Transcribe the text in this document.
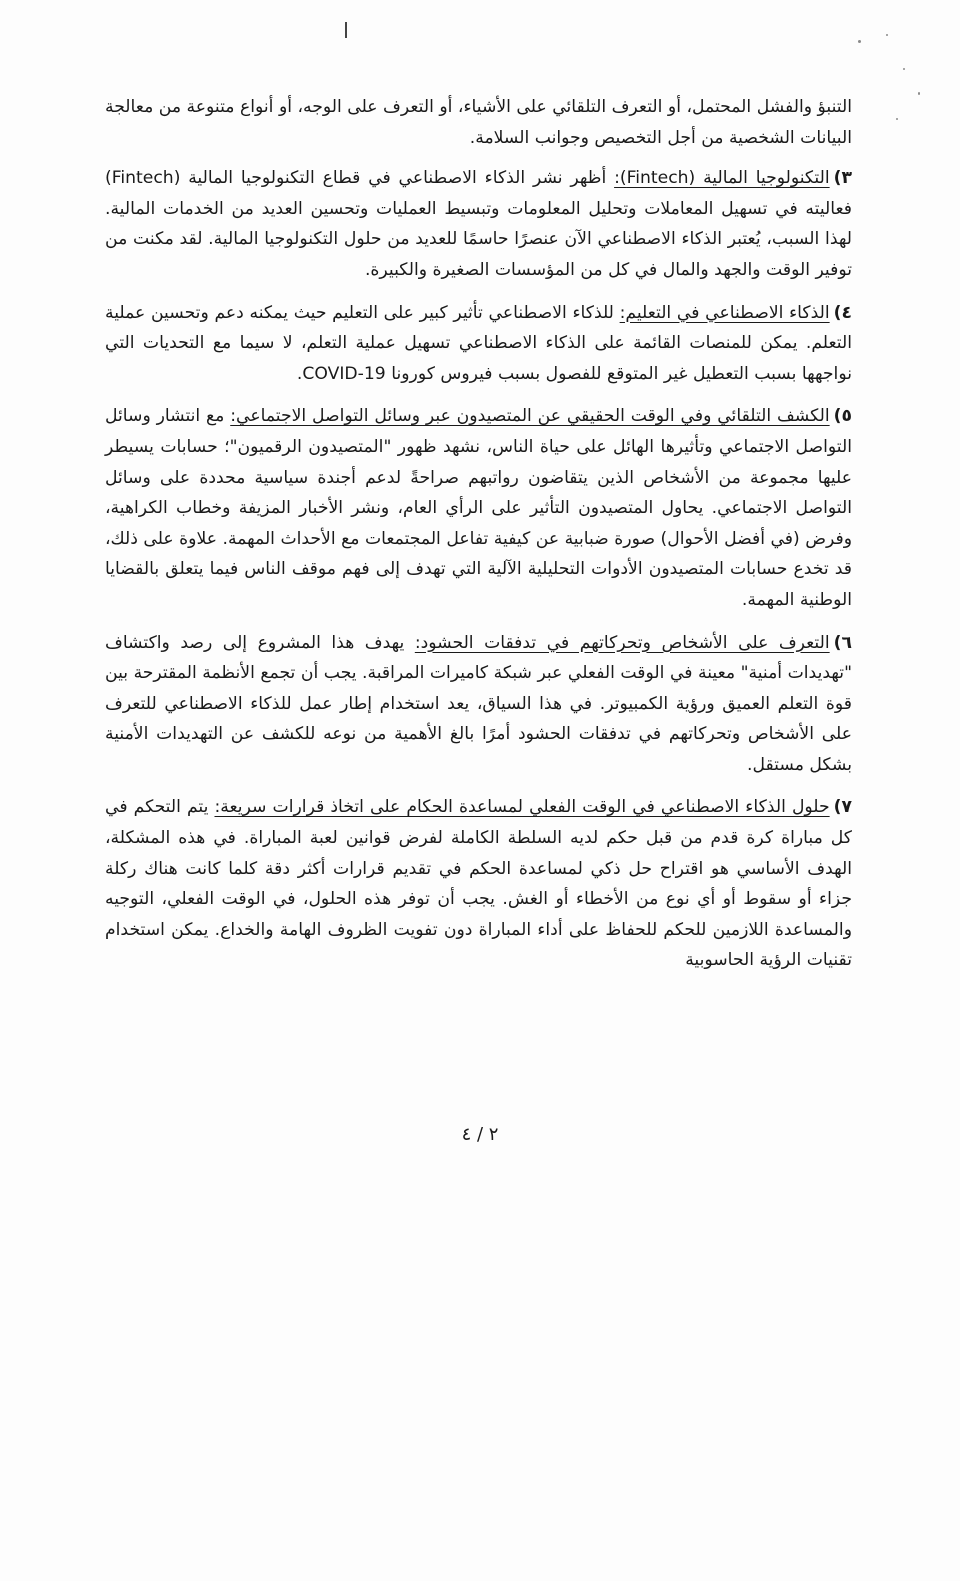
التنبؤ والفشل المحتمل، أو التعرف التلقائي على الأشياء، أو التعرف على الوجه، أو أنواع متنوعة من معالجة البيانات الشخصية من أجل التخصيص وجوانب السلامة.

٣)التكنولوجيا المالية (Fintech): أظهر نشر الذكاء الاصطناعي في قطاع التكنولوجيا المالية (Fintech) فعاليته في تسهيل المعاملات وتحليل المعلومات وتبسيط العمليات وتحسين العديد من الخدمات المالية. لهذا السبب، يُعتبر الذكاء الاصطناعي الآن عنصرًا حاسمًا للعديد من حلول التكنولوجيا المالية. لقد مكنت من توفير الوقت والجهد والمال في كل من المؤسسات الصغيرة والكبيرة.

٤)الذكاء الاصطناعي في التعليم: للذكاء الاصطناعي تأثير كبير على التعليم حيث يمكنه دعم وتحسين عملية التعلم. يمكن للمنصات القائمة على الذكاء الاصطناعي تسهيل عملية التعلم، لا سيما مع التحديات التي نواجهها بسبب التعطيل غير المتوقع للفصول بسبب فيروس كورونا COVID-19.

٥)الكشف التلقائي وفي الوقت الحقيقي عن المتصيدون عبر وسائل التواصل الاجتماعي: مع انتشار وسائل التواصل الاجتماعي وتأثيرها الهائل على حياة الناس، نشهد ظهور "المتصيدون الرقميون"؛ حسابات يسيطر عليها مجموعة من الأشخاص الذين يتقاضون رواتبهم صراحةً لدعم أجندة سياسية محددة على وسائل التواصل الاجتماعي. يحاول المتصيدون التأثير على الرأي العام، ونشر الأخبار المزيفة وخطاب الكراهية، وفرض (في أفضل الأحوال) صورة ضبابية عن كيفية تفاعل المجتمعات مع الأحداث المهمة. علاوة على ذلك، قد تخدع حسابات المتصيدون الأدوات التحليلية الآلية التي تهدف إلى فهم موقف الناس فيما يتعلق بالقضايا الوطنية المهمة.

٦)التعرف على الأشخاص وتحركاتهم في تدفقات الحشود: يهدف هذا المشروع إلى رصد واكتشاف "تهديدات أمنية" معينة في الوقت الفعلي عبر شبكة كاميرات المراقبة. يجب أن تجمع الأنظمة المقترحة بين قوة التعلم العميق ورؤية الكمبيوتر. في هذا السياق، يعد استخدام إطار عمل للذكاء الاصطناعي للتعرف على الأشخاص وتحركاتهم في تدفقات الحشود أمرًا بالغ الأهمية من نوعه للكشف عن التهديدات الأمنية بشكل مستقل.

٧)حلول الذكاء الاصطناعي في الوقت الفعلي لمساعدة الحكام على اتخاذ قرارات سريعة: يتم التحكم في كل مباراة كرة قدم من قبل حكم لديه السلطة الكاملة لفرض قوانين لعبة المباراة. في هذه المشكلة، الهدف الأساسي هو اقتراح حل ذكي لمساعدة الحكم في تقديم قرارات أكثر دقة كلما كانت هناك ركلة جزاء أو سقوط أو أي نوع من الأخطاء أو الغش. يجب أن توفر هذه الحلول، في الوقت الفعلي، التوجيه والمساعدة اللازمين للحكم للحفاظ على أداء المباراة دون تفويت الظروف الهامة والخداع. يمكن استخدام تقنيات الرؤية الحاسوبية

٢ / ٤
